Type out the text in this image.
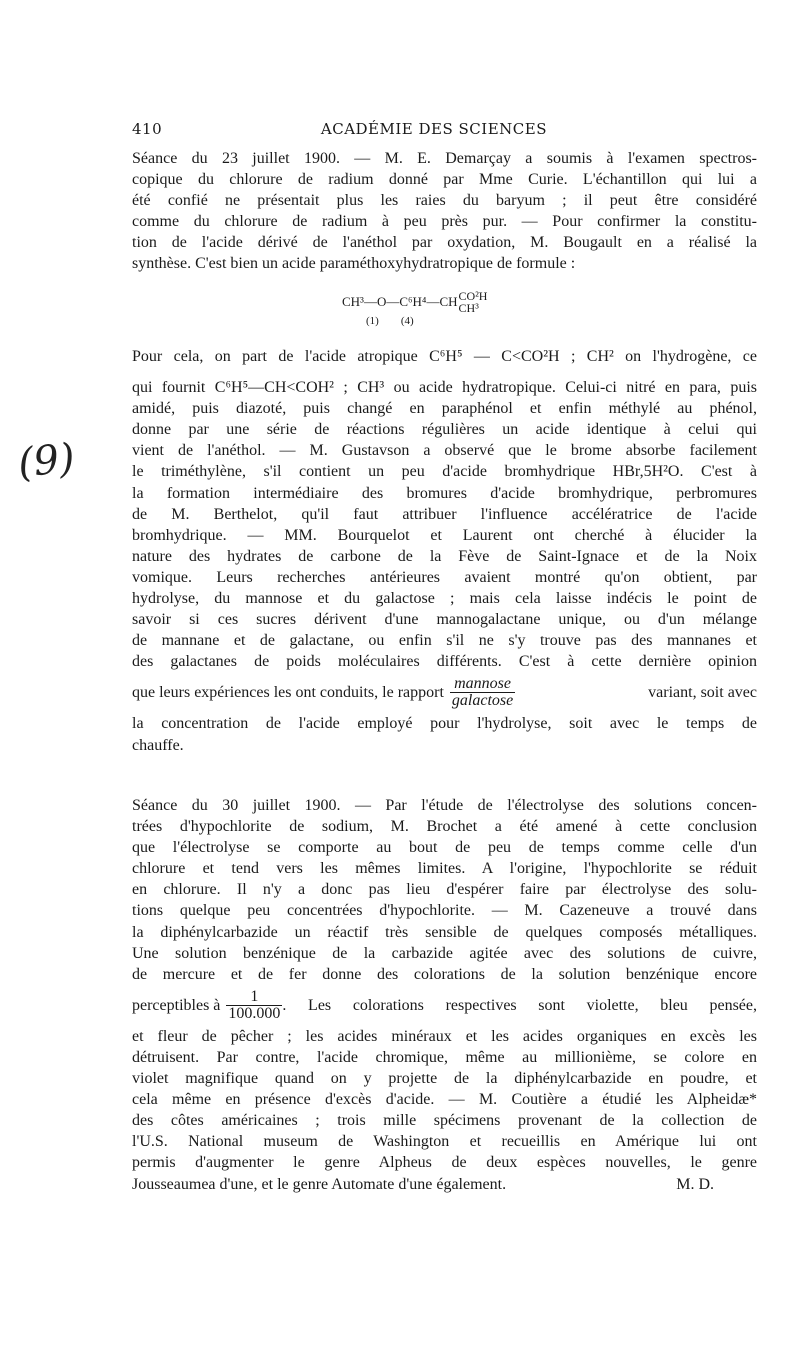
410	ACADÉMIE DES SCIENCES
(9)
Séance du 23 juillet 1900. — M. E. Demarçay a soumis à l'examen spectros-
copique du chlorure de radium donné par Mme Curie. L'échantillon qui lui a
été confié ne présentait plus les raies du baryum ; il peut être considéré
comme du chlorure de radium à peu près pur. — Pour confirmer la constitu-
tion de l'acide dérivé de l'anéthol par oxydation, M. Bougault en a réalisé la
synthèse. C'est bien un acide paraméthoxyhydratropique de formule :
CH³—O—C⁶H⁴—CH CO²H
CH³
(1)        (4)
Pour cela, on part de l'acide atropique C⁶H⁵ — C<CO²H ; CH² on l'hydrogène, ce
qui fournit C⁶H⁵—CH<COH² ; CH³ ou acide hydratropique. Celui-ci nitré en para, puis
amidé, puis diazoté, puis changé en paraphénol et enfin méthylé au phénol,
donne par une série de réactions régulières un acide identique à celui qui
vient de l'anéthol. — M. Gustavson a observé que le brome absorbe facilement
le triméthylène, s'il contient un peu d'acide bromhydrique HBr,5H²O. C'est à
la formation intermédiaire des bromures d'acide bromhydrique, perbromures
de M. Berthelot, qu'il faut attribuer l'influence accélératrice de l'acide
bromhydrique. — MM. Bourquelot et Laurent ont cherché à élucider la
nature des hydrates de carbone de la Fève de Saint-Ignace et de la Noix
vomique. Leurs recherches antérieures avaient montré qu'on obtient, par
hydrolyse, du mannose et du galactose ; mais cela laisse indécis le point de
savoir si ces sucres dérivent d'une mannogalactane unique, ou d'un mélange
de mannane et de galactane, ou enfin s'il ne s'y trouve pas des mannanes et
des galactanes de poids moléculaires différents. C'est à cette dernière opinion
que leurs expériences les ont conduits, le rapport $\frac{\text{mannose}}{\text{galactose}}$	variant, soit avec
la concentration de l'acide employé pour l'hydrolyse, soit avec le temps de
chauffe.
Séance du 30 juillet 1900. — Par l'étude de l'électrolyse des solutions concen-
trées d'hypochlorite de sodium, M. Brochet a été amené à cette conclusion
que l'électrolyse se comporte au bout de peu de temps comme celle d'un
chlorure et tend vers les mêmes limites. A l'origine, l'hypochlorite se réduit
en chlorure. Il n'y a donc pas lieu d'espérer faire par électrolyse des solu-
tions quelque peu concentrées d'hypochlorite. — M. Cazeneuve a trouvé dans
la diphénylcarbazide un réactif très sensible de quelques composés métalliques.
Une solution benzénique de la carbazide agitée avec des solutions de cuivre,
de mercure et de fer donne des colorations de la solution benzénique encore
perceptibles à $\frac{1}{100.000}$ . Les colorations respectives sont violette, bleu pensée,
et fleur de pêcher ; les acides minéraux et les acides organiques en excès les
détruisent. Par contre, l'acide chromique, même au millionième, se colore en
violet magnifique quand on y projette de la diphénylcarbazide en poudre, et
cela même en présence d'excès d'acide. — M. Coutière a étudié les Alpheidæ*
des côtes américaines ; trois mille spécimens provenant de la collection de
l'U.S. National museum de Washington et recueillis en Amérique lui ont
permis d'augmenter le genre Alpheus de deux espèces nouvelles, le genre
Jousseaumea d'une, et le genre Automate d'une également.	M. D.
